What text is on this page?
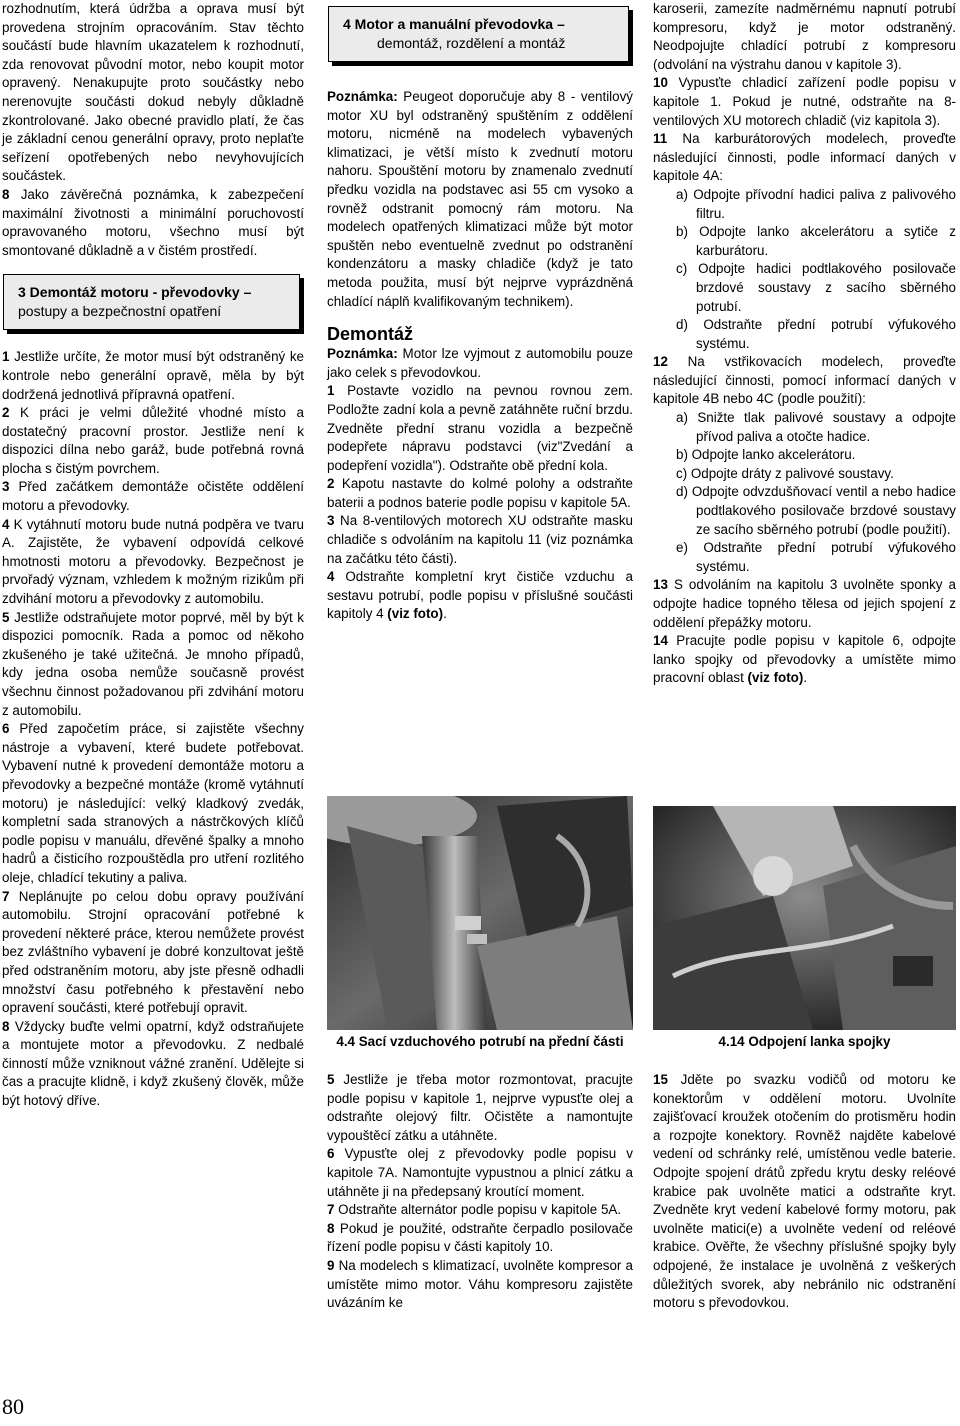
rozhodnutím, která údržba a oprava musí být provedena strojním opracováním. Stav těchto součástí bude hlavním ukazatelem k rozhodnutí, zda renovovat původní motor, nebo koupit motor opravený. Nenakupujte proto součástky nebo nerenovujte součásti dokud nebyly důkladně zkontrolované. Jako obecné pravidlo platí, že čas je základní cenou generální opravy, proto neplaťte seřízení opotřebených nebo nevyhovujících součástek.

8 Jako závěrečná poznámka, k zabezpečení maximální životnosti a minimální poruchovostí opravovaného motoru, všechno musí být smontované důkladně a v čistém prostředí.

3 Demontáž motoru - převodovky –
postupy a bezpečnostní opatření

1 Jestliže určíte, že motor musí být odstraněný ke kontrole nebo generální opravě, měla by být dodržená jednotlivá přípravná opatření.

2 K práci je velmi důležité vhodné místo a dostatečný pracovní prostor. Jestliže není k dispozici dílna nebo garáž, bude potřebná rovná plocha s čistým povrchem.

3 Před začátkem demontáže očistěte oddělení motoru a převodovky.

4 K vytáhnutí motoru bude nutná podpěra ve tvaru A. Zajistěte, že vybavení odpovídá celkové hmotnosti motoru a převodovky. Bezpečnost je prvořadý význam, vzhledem k možným rizikům při zdvihání motoru a převodovky z automobilu.

5 Jestliže odstraňujete motor poprvé, měl by být k dispozici pomocník. Rada a pomoc od někoho zkušeného je také užitečná. Je mnoho případů, kdy jedna osoba nemůže současně provést všechnu činnost požadovanou při zdvihání motoru z automobilu.

6 Před započetím práce, si zajistěte všechny nástroje a vybavení, které budete potřebovat. Vybavení nutné k provedení demontáže motoru a převodovky a bezpečné montáže (kromě vytáhnutí motoru) je následující: velký kladkový zvedák, kompletní sada stranových a nástrčkových klíčů podle popisu v manuálu, dřevěné špalky a mnoho hadrů a čisticího rozpouštědla pro utření rozlitého oleje, chladící tekutiny a paliva.

7 Neplánujte po celou dobu opravy používání automobilu. Strojní opracování potřebné k provedení některé práce, kterou nemůžete provést bez zvláštního vybavení je dobré konzultovat ještě před odstraněním motoru, aby jste přesně odhadli množství času potřebného k přestavění nebo opravení součásti, které potřebují opravit.

8 Vždycky buďte velmi opatrní, když odstraňujete a montujete motor a převodovku. Z nedbalé činností může vzniknout vážné zranění. Udělejte si čas a pracujte klidně, i když zkušený člověk, může být hotový dříve.

4 Motor a manuální převodovka –
demontáž, rozdělení a montáž

Poznámka: Peugeot doporučuje aby 8 - ventilový motor XU byl odstraněný spuštěním z oddělení motoru, nicméně na modelech vybavených klimatizaci, je větší místo k zvednutí motoru nahoru. Spouštění motoru by znamenalo zvednutí předku vozidla na podstavec asi 55 cm vysoko a rovněž odstranit pomocný rám motoru. Na modelech opatřených klimatizaci může být motor spuštěn nebo eventuelně zvednut po odstranění kondenzátoru a masky chladiče (když je tato metoda použita, musí být nejprve vyprázdněná chladící náplň kvalifikovaným technikem).

Demontáž

Poznámka: Motor lze vyjmout z automobilu pouze jako celek s převodovkou.

1 Postavte vozidlo na pevnou rovnou zem. Podložte zadní kola a pevně zatáhněte ruční brzdu. Zvedněte přední stranu vozidla a bezpečně podepřete nápravu podstavci (viz"Zvedání a podepření vozidla"). Odstraňte obě přední kola.

2 Kapotu nastavte do kolmé polohy a odstraňte baterii a podnos baterie podle popisu v kapitole 5A.

3 Na 8-ventilových motorech XU odstraňte masku chladiče s odvoláním na kapitolu 11 (viz poznámka na začátku této části).

4 Odstraňte kompletní kryt čističe vzduchu a sestavu potrubí, podle popisu v příslušné součásti kapitoly 4 (viz foto).

4.4 Sací vzduchového potrubí na přední části

5 Jestliže je třeba motor rozmontovat, pracujte podle popisu v kapitole 1, nejprve vypusťte olej a odstraňte olejový filtr. Očistěte a namontujte vypouštěcí zátku a utáhněte.

6 Vypusťte olej z převodovky podle popisu v kapitole 7A. Namontujte vypustnou a plnicí zátku a utáhněte ji na předepsaný kroutící moment.

7 Odstraňte alternátor podle popisu v kapitole 5A.

8 Pokud je použité, odstraňte čerpadlo posilovače řízení podle popisu v části kapitoly 10.

9 Na modelech s klimatizací, uvolněte kompresor a umístěte mimo motor. Váhu kompresoru zajistěte uvázáním ke

karoserii, zamezíte nadměrnému napnutí potrubí kompresoru, když je motor odstraněný. Neodpojujte chladící potrubí z kompresoru (odvolání na výstrahu danou v kapitole 3).

10 Vypusťte chladicí zařízení podle popisu v kapitole 1. Pokud je nutné, odstraňte na 8-ventilových XU motorech chladič (viz kapitola 3).

11 Na karburátorových modelech, proveďte následující činnosti, podle informací daných v kapitole 4A:

a) Odpojte přívodní hadici paliva z palivového filtru.
b) Odpojte lanko akcelerátoru a sytiče z karburátoru.
c) Odpojte hadici podtlakového posilovače brzdové soustavy z sacího sběrného potrubí.
d) Odstraňte přední potrubí výfukového systému.

12 Na vstřikovacích modelech, proveďte následující činnosti, pomocí informací daných v kapitole 4B nebo 4C (podle použití):

a) Snižte tlak palivové soustavy a odpojte přívod paliva a otočte hadice.
b) Odpojte lanko akcelerátoru.
c) Odpojte dráty z palivové soustavy.
d) Odpojte odvzdušňovací ventil a nebo hadice podtlakového posilovače brzdové soustavy ze sacího sběrného potrubí (podle použití).
e) Odstraňte přední potrubí výfukového systému.

13 S odvoláním na kapitolu 3 uvolněte sponky a odpojte hadice topného tělesa od jejich spojení z oddělení přepážky motoru.

14 Pracujte podle popisu v kapitole 6, odpojte lanko spojky od převodovky a umístěte mimo pracovní oblast (viz foto).

4.14 Odpojení lanka spojky

15 Jděte po svazku vodičů od motoru ke konektorům v oddělení motoru. Uvolníte zajišťovací kroužek otočením do protisměru hodin a rozpojte konektory. Rovněž najděte kabelové vedení od schránky relé, umístěnou vedle baterie. Odpojte spojení drátů zpředu krytu desky reléové krabice pak uvolněte matici a odstraňte kryt. Zvedněte kryt vedení kabelové formy motoru, pak uvolněte matici(e) a uvolněte vedení od reléové krabice. Ověřte, že všechny příslušné spojky byly odpojené, že instalace je uvolněná z veškerých důležitých svorek, aby nebránilo nic odstranění motoru s převodovkou.

80
